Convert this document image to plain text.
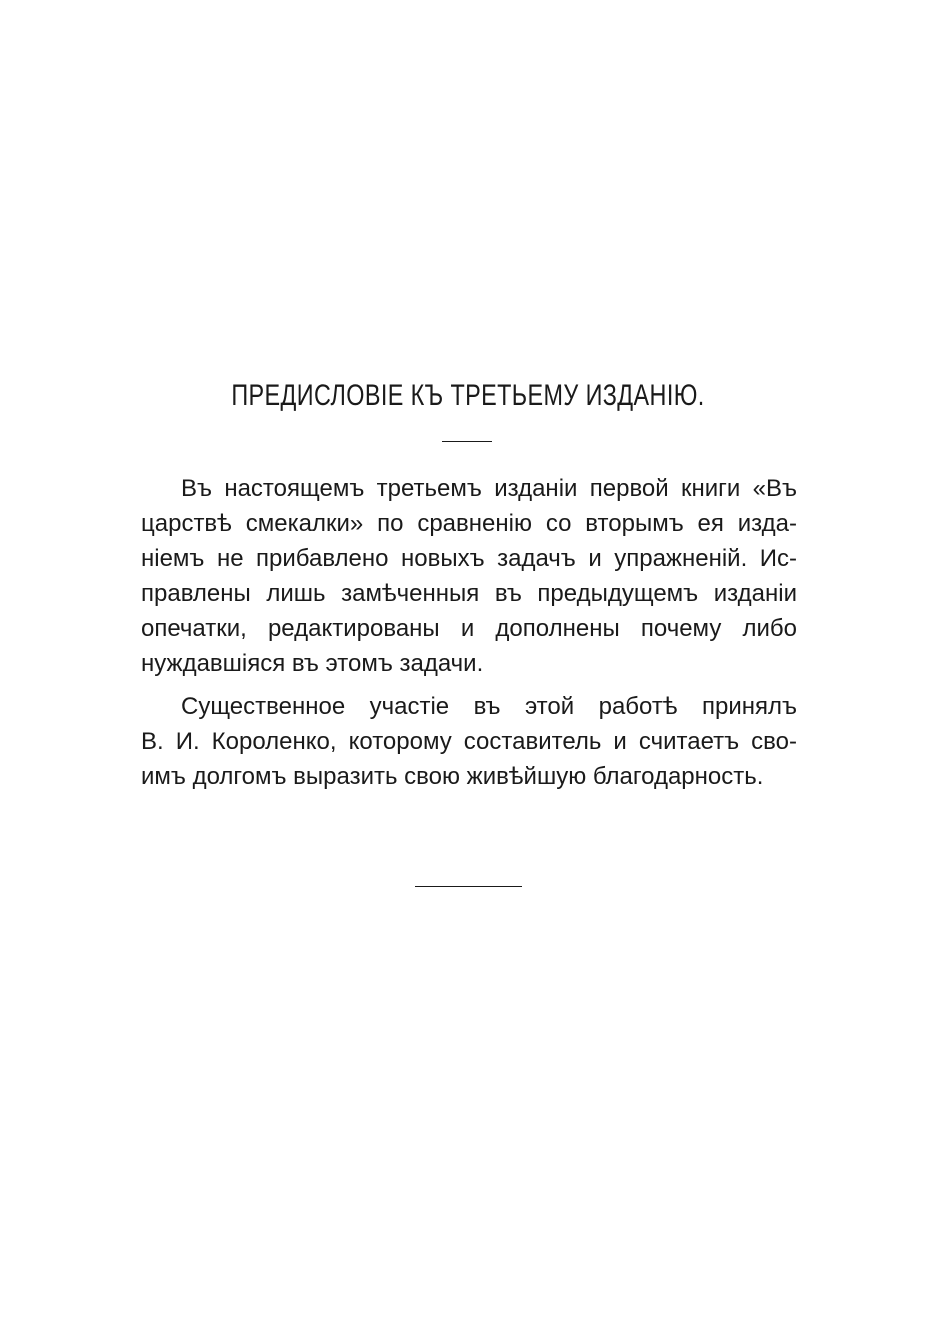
ПРЕДИСЛОВІЕ КЪ ТРЕТЬЕМУ ИЗДАНІЮ.

Въ настоящемъ третьемъ изданіи первой книги «Въ
царствѣ смекалки» по сравненію со вторымъ ея изда-
ніемъ не прибавлено новыхъ задачъ и упражненій. Ис-
правлены лишь замѣченныя въ предыдущемъ изданіи
опечатки, редактированы и дополнены почему либо
нуждавшіяся въ этомъ задачи.

Существенное участіе въ этой работѣ принялъ
В. И. Короленко, которому составитель и считаетъ сво-
имъ долгомъ выразить свою живѣйшую благодарность.
